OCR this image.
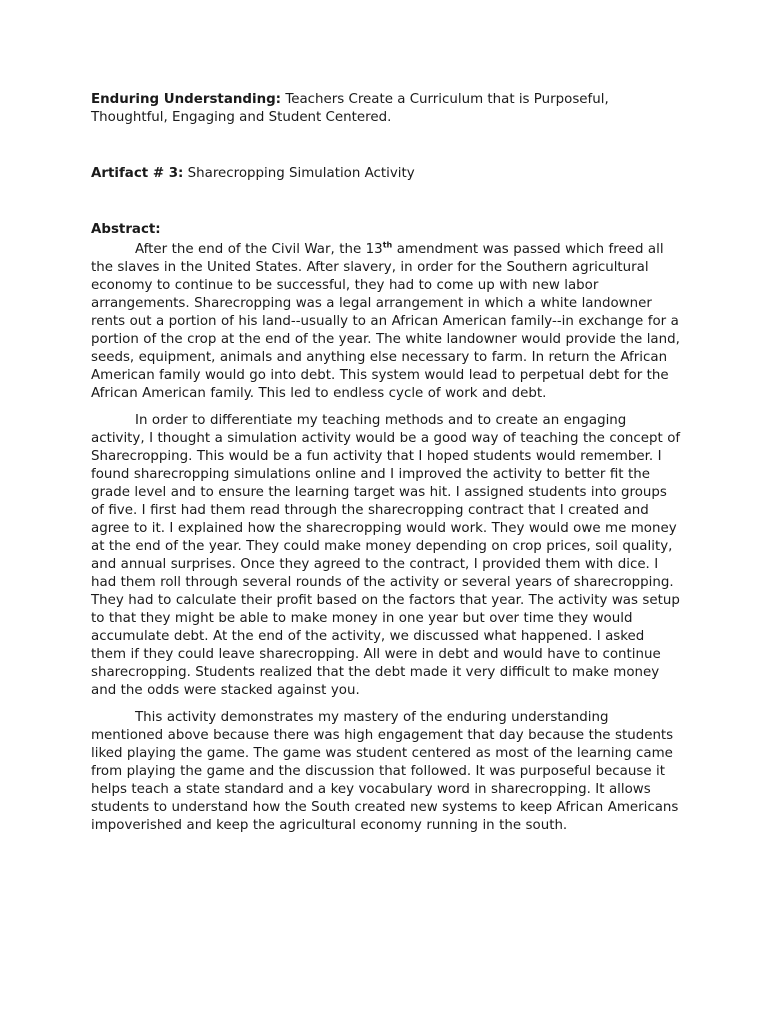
Enduring Understanding: Teachers Create a Curriculum that is Purposeful, Thoughtful, Engaging and Student Centered.

Artifact # 3: Sharecropping Simulation Activity

Abstract:

After the end of the Civil War, the 13th amendment was passed which freed all the slaves in the United States. After slavery, in order for the Southern agricultural economy to continue to be successful, they had to come up with new labor arrangements. Sharecropping was a legal arrangement in which a white landowner rents out a portion of his land--usually to an African American family--in exchange for a portion of the crop at the end of the year. The white landowner would provide the land, seeds, equipment, animals and anything else necessary to farm. In return the African American family would go into debt. This system would lead to perpetual debt for the African American family. This led to endless cycle of work and debt.

In order to differentiate my teaching methods and to create an engaging activity, I thought a simulation activity would be a good way of teaching the concept of Sharecropping. This would be a fun activity that I hoped students would remember. I found sharecropping simulations online and I improved the activity to better fit the grade level and to ensure the learning target was hit. I assigned students into groups of five. I first had them read through the sharecropping contract that I created and agree to it. I explained how the sharecropping would work. They would owe me money at the end of the year. They could make money depending on crop prices, soil quality, and annual surprises. Once they agreed to the contract, I provided them with dice. I had them roll through several rounds of the activity or several years of sharecropping. They had to calculate their profit based on the factors that year. The activity was setup to that they might be able to make money in one year but over time they would accumulate debt. At the end of the activity, we discussed what happened. I asked them if they could leave sharecropping. All were in debt and would have to continue sharecropping. Students realized that the debt made it very difficult to make money and the odds were stacked against you.

This activity demonstrates my mastery of the enduring understanding mentioned above because there was high engagement that day because the students liked playing the game. The game was student centered as most of the learning came from playing the game and the discussion that followed. It was purposeful because it helps teach a state standard and a key vocabulary word in sharecropping. It allows students to understand how the South created new systems to keep African Americans impoverished and keep the agricultural economy running in the south.
